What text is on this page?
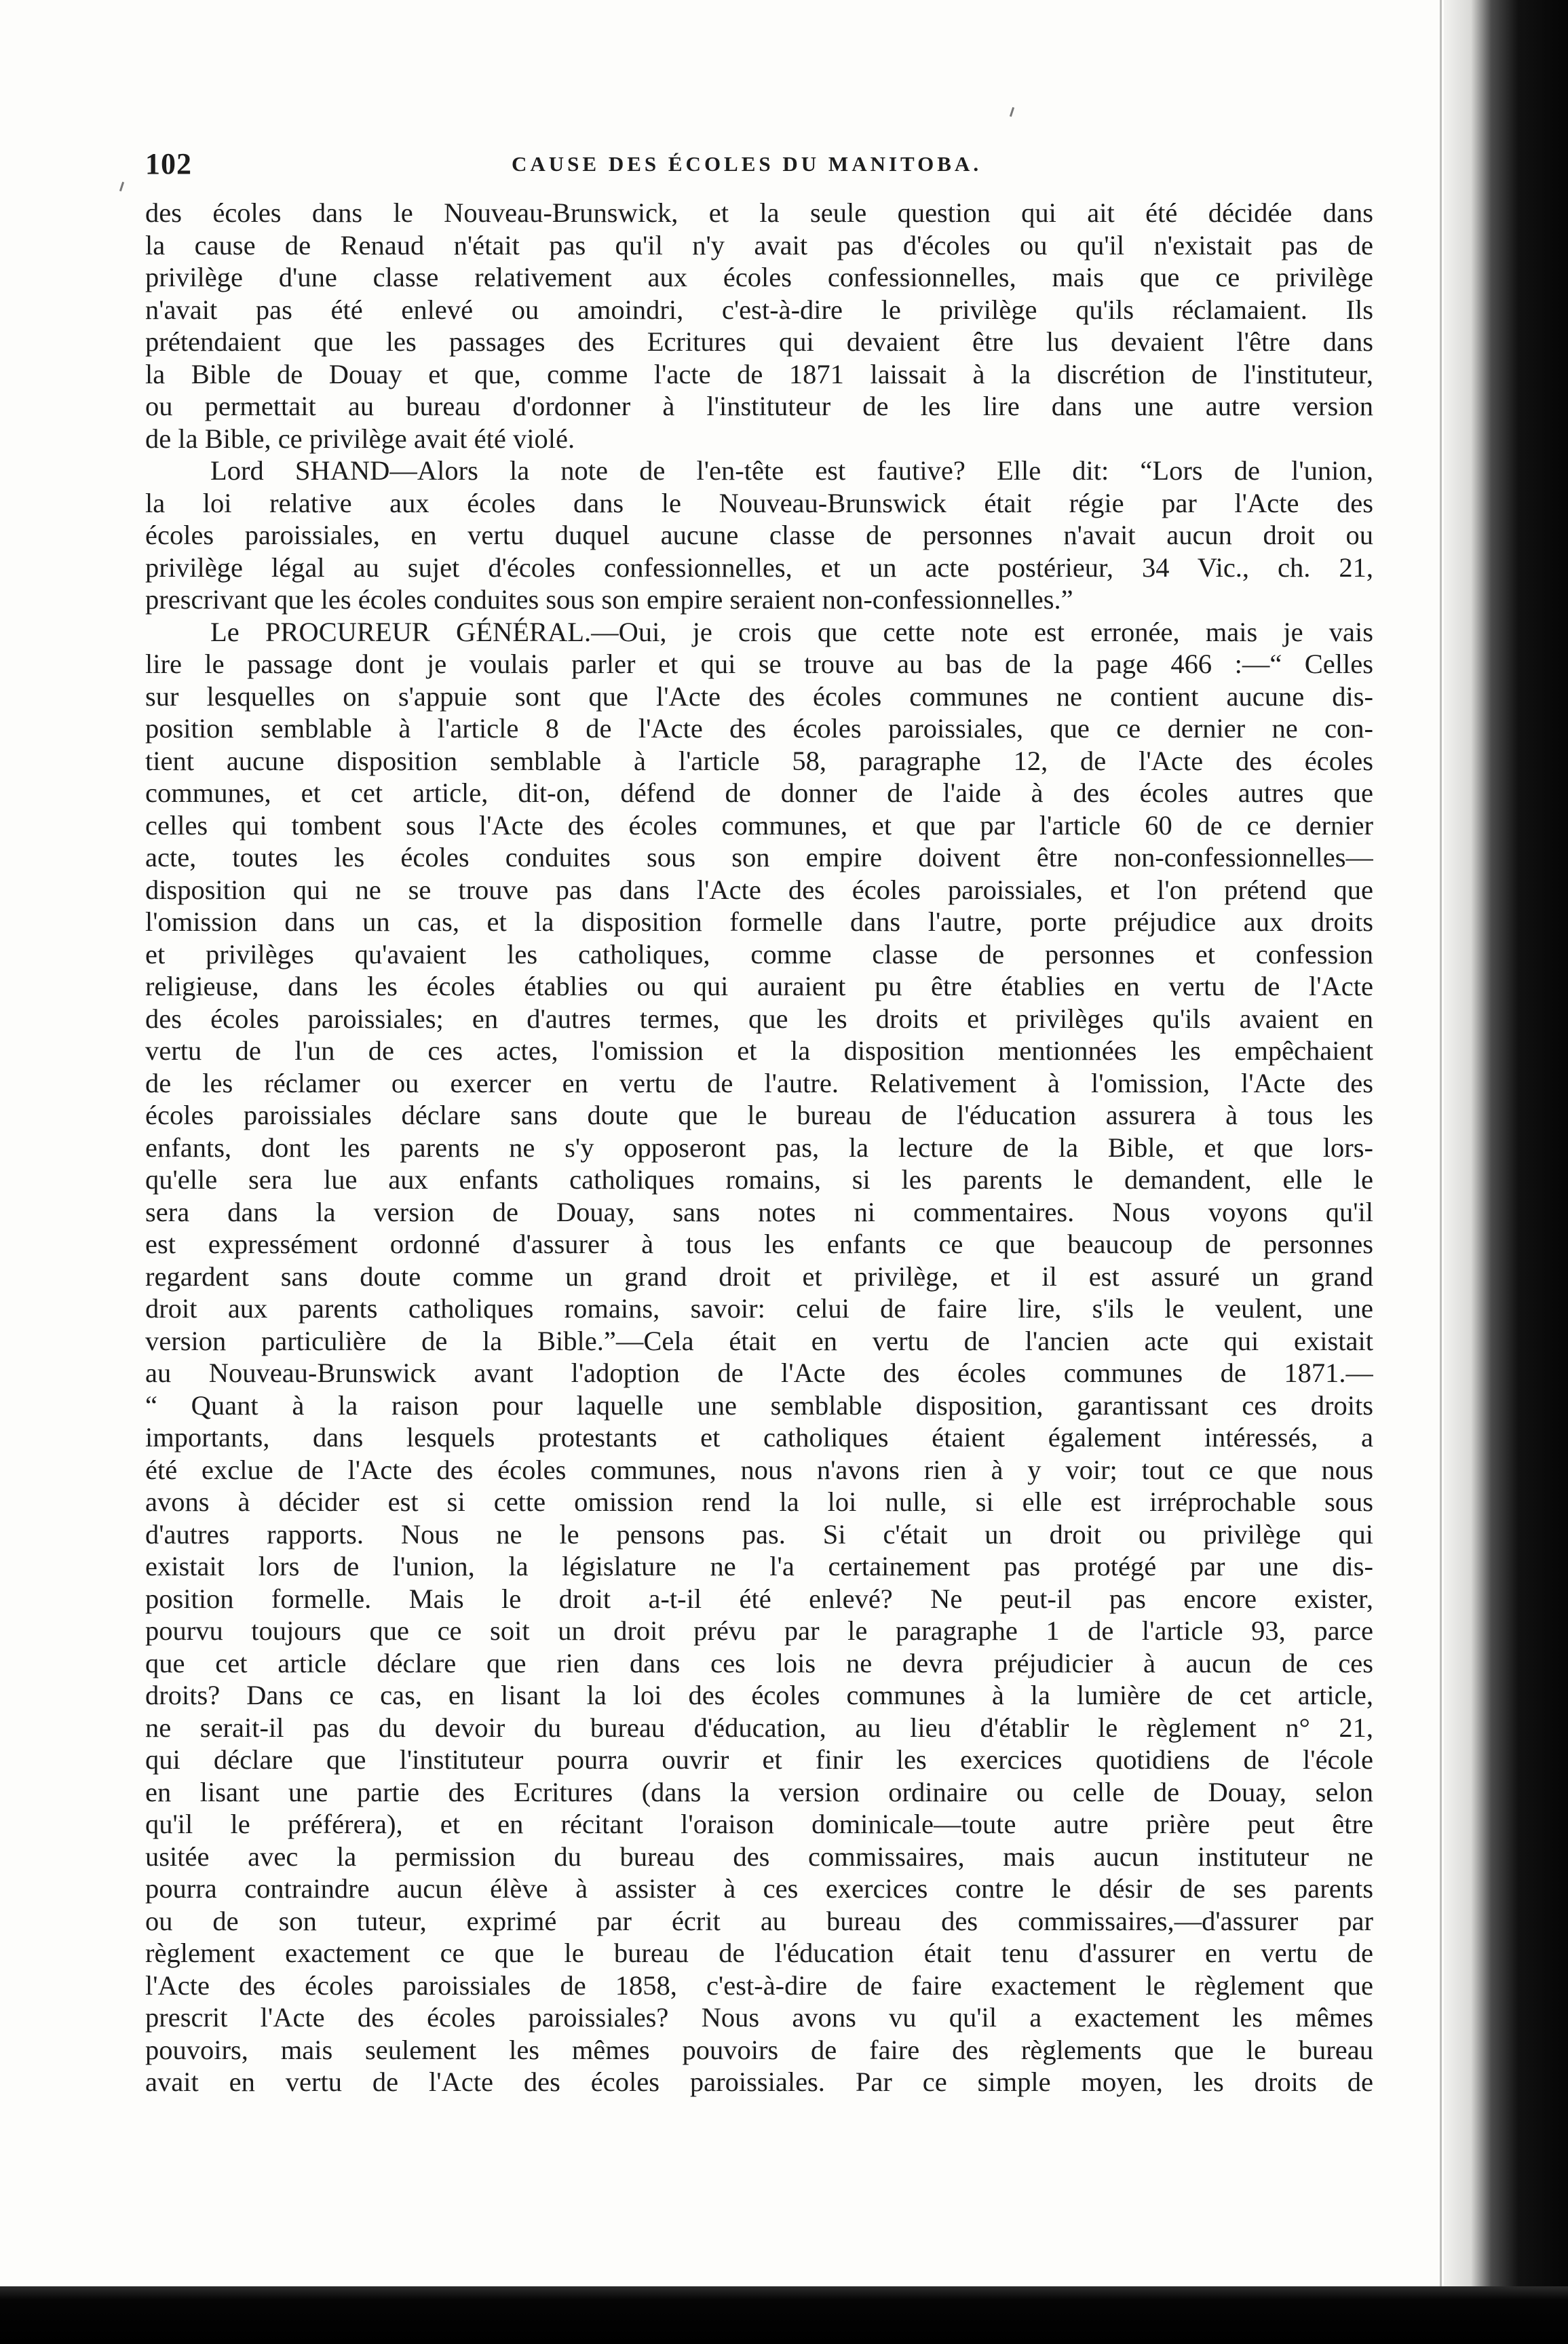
102	CAUSE DES ÉCOLES DU MANITOBA.
des écoles dans le Nouveau-Brunswick, et la seule question qui ait été décidée dans
la cause de Renaud n'était pas qu'il n'y avait pas d'écoles ou qu'il n'existait pas de
privilège d'une classe relativement aux écoles confessionnelles, mais que ce privilège
n'avait pas été enlevé ou amoindri, c'est-à-dire le privilège qu'ils réclamaient. Ils
prétendaient que les passages des Ecritures qui devaient être lus devaient l'être dans
la Bible de Douay et que, comme l'acte de 1871 laissait à la discrétion de l'instituteur,
ou permettait au bureau d'ordonner à l'instituteur de les lire dans une autre version
de la Bible, ce privilège avait été violé.
Lord SHAND—Alors la note de l'en-tête est fautive? Elle dit: “Lors de l'union,
la loi relative aux écoles dans le Nouveau-Brunswick était régie par l'Acte des
écoles paroissiales, en vertu duquel aucune classe de personnes n'avait aucun droit ou
privilège légal au sujet d'écoles confessionnelles, et un acte postérieur, 34 Vic., ch. 21,
prescrivant que les écoles conduites sous son empire seraient non-confessionnelles.”
Le PROCUREUR GÉNÉRAL.—Oui, je crois que cette note est erronée, mais je vais
lire le passage dont je voulais parler et qui se trouve au bas de la page 466 :—“ Celles
sur lesquelles on s'appuie sont que l'Acte des écoles communes ne contient aucune dis-
position semblable à l'article 8 de l'Acte des écoles paroissiales, que ce dernier ne con-
tient aucune disposition semblable à l'article 58, paragraphe 12, de l'Acte des écoles
communes, et cet article, dit-on, défend de donner de l'aide à des écoles autres que
celles qui tombent sous l'Acte des écoles communes, et que par l'article 60 de ce dernier
acte, toutes les écoles conduites sous son empire doivent être non-confessionnelles—
disposition qui ne se trouve pas dans l'Acte des écoles paroissiales, et l'on prétend que
l'omission dans un cas, et la disposition formelle dans l'autre, porte préjudice aux droits
et privilèges qu'avaient les catholiques, comme classe de personnes et confession
religieuse, dans les écoles établies ou qui auraient pu être établies en vertu de l'Acte
des écoles paroissiales; en d'autres termes, que les droits et privilèges qu'ils avaient en
vertu de l'un de ces actes, l'omission et la disposition mentionnées les empêchaient
de les réclamer ou exercer en vertu de l'autre. Relativement à l'omission, l'Acte des
écoles paroissiales déclare sans doute que le bureau de l'éducation assurera à tous les
enfants, dont les parents ne s'y opposeront pas, la lecture de la Bible, et que lors-
qu'elle sera lue aux enfants catholiques romains, si les parents le demandent, elle le
sera dans la version de Douay, sans notes ni commentaires. Nous voyons qu'il
est expressément ordonné d'assurer à tous les enfants ce que beaucoup de personnes
regardent sans doute comme un grand droit et privilège, et il est assuré un grand
droit aux parents catholiques romains, savoir: celui de faire lire, s'ils le veulent, une
version particulière de la Bible.”—Cela était en vertu de l'ancien acte qui existait
au Nouveau-Brunswick avant l'adoption de l'Acte des écoles communes de 1871.—
“ Quant à la raison pour laquelle une semblable disposition, garantissant ces droits
importants, dans lesquels protestants et catholiques étaient également intéressés, a
été exclue de l'Acte des écoles communes, nous n'avons rien à y voir; tout ce que nous
avons à décider est si cette omission rend la loi nulle, si elle est irréprochable sous
d'autres rapports. Nous ne le pensons pas. Si c'était un droit ou privilège qui
existait lors de l'union, la législature ne l'a certainement pas protégé par une dis-
position formelle. Mais le droit a-t-il été enlevé? Ne peut-il pas encore exister,
pourvu toujours que ce soit un droit prévu par le paragraphe 1 de l'article 93, parce
que cet article déclare que rien dans ces lois ne devra préjudicier à aucun de ces
droits? Dans ce cas, en lisant la loi des écoles communes à la lumière de cet article,
ne serait-il pas du devoir du bureau d'éducation, au lieu d'établir le règlement n° 21,
qui déclare que l'instituteur pourra ouvrir et finir les exercices quotidiens de l'école
en lisant une partie des Ecritures (dans la version ordinaire ou celle de Douay, selon
qu'il le préférera), et en récitant l'oraison dominicale—toute autre prière peut être
usitée avec la permission du bureau des commissaires, mais aucun instituteur ne
pourra contraindre aucun élève à assister à ces exercices contre le désir de ses parents
ou de son tuteur, exprimé par écrit au bureau des commissaires,—d'assurer par
règlement exactement ce que le bureau de l'éducation était tenu d'assurer en vertu de
l'Acte des écoles paroissiales de 1858, c'est-à-dire de faire exactement le règlement que
prescrit l'Acte des écoles paroissiales? Nous avons vu qu'il a exactement les mêmes
pouvoirs, mais seulement les mêmes pouvoirs de faire des règlements que le bureau
avait en vertu de l'Acte des écoles paroissiales. Par ce simple moyen, les droits de
